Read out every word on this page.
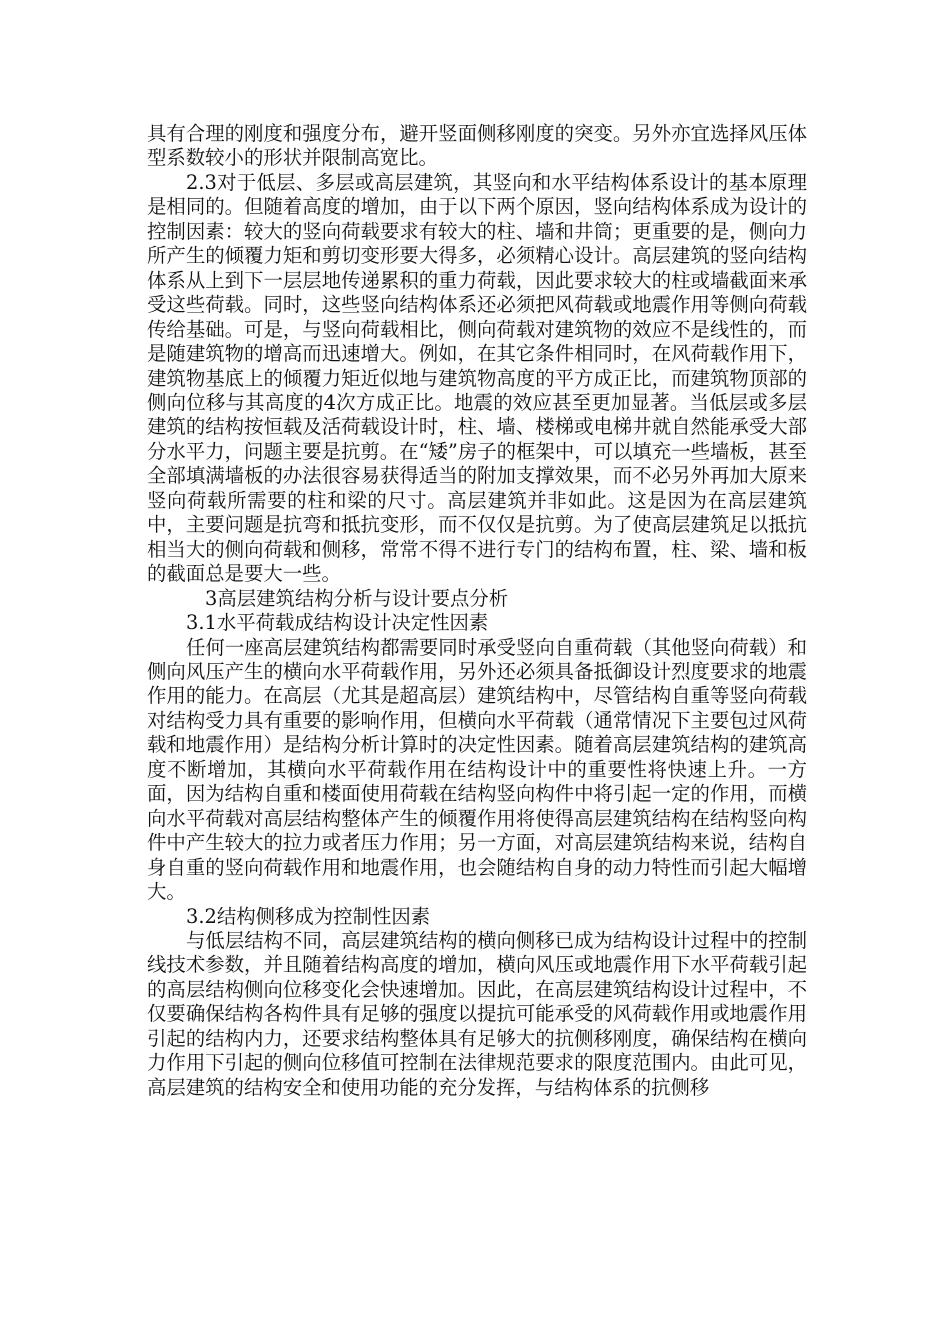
具有合理的刚度和强度分布，避开竖面侧移刚度的突变。另外亦宜选择风压体型系数较小的形状并限制高宽比。

2.3对于低层、多层或高层建筑，其竖向和水平结构体系设计的基本原理是相同的。但随着高度的增加，由于以下两个原因，竖向结构体系成为设计的控制因素：较大的竖向荷载要求有较大的柱、墙和井筒；更重要的是，侧向力所产生的倾覆力矩和剪切变形要大得多，必须精心设计。高层建筑的竖向结构体系从上到下一层层地传递累积的重力荷载，因此要求较大的柱或墙截面来承受这些荷载。同时，这些竖向结构体系还必须把风荷载或地震作用等侧向荷载传给基础。可是，与竖向荷载相比，侧向荷载对建筑物的效应不是线性的，而是随建筑物的增高而迅速增大。例如，在其它条件相同时，在风荷载作用下，建筑物基底上的倾覆力矩近似地与建筑物高度的平方成正比，而建筑物顶部的侧向位移与其高度的4次方成正比。地震的效应甚至更加显著。当低层或多层建筑的结构按恒载及活荷载设计时，柱、墙、楼梯或电梯井就自然能承受大部分水平力，问题主要是抗剪。在“矮”房子的框架中，可以填充一些墙板，甚至全部填满墙板的办法很容易获得适当的附加支撑效果，而不必另外再加大原来竖向荷载所需要的柱和梁的尺寸。高层建筑并非如此。这是因为在高层建筑中，主要问题是抗弯和抵抗变形，而不仅仅是抗剪。为了使高层建筑足以抵抗相当大的侧向荷载和侧移，常常不得不进行专门的结构布置，柱、梁、墙和板的截面总是要大一些。

3高层建筑结构分析与设计要点分析

3.1水平荷载成结构设计决定性因素

任何一座高层建筑结构都需要同时承受竖向自重荷载（其他竖向荷载）和侧向风压产生的横向水平荷载作用，另外还必须具备抵御设计烈度要求的地震作用的能力。在高层（尤其是超高层）建筑结构中，尽管结构自重等竖向荷载对结构受力具有重要的影响作用，但横向水平荷载（通常情况下主要包过风荷载和地震作用）是结构分析计算时的决定性因素。随着高层建筑结构的建筑高度不断增加，其横向水平荷载作用在结构设计中的重要性将快速上升。一方面，因为结构自重和楼面使用荷载在结构竖向构件中将引起一定的作用，而横向水平荷载对高层结构整体产生的倾覆作用将使得高层建筑结构在结构竖向构件中产生较大的拉力或者压力作用；另一方面，对高层建筑结构来说，结构自身自重的竖向荷载作用和地震作用，也会随结构自身的动力特性而引起大幅增大。

3.2结构侧移成为控制性因素

与低层结构不同，高层建筑结构的横向侧移已成为结构设计过程中的控制线技术参数，并且随着结构高度的增加，横向风压或地震作用下水平荷载引起的高层结构侧向位移变化会快速增加。因此，在高层建筑结构设计过程中，不仅要确保结构各构件具有足够的强度以提抗可能承受的风荷载作用或地震作用引起的结构内力，还要求结构整体具有足够大的抗侧移刚度，确保结构在横向力作用下引起的侧向位移值可控制在法律规范要求的限度范围内。由此可见，高层建筑的结构安全和使用功能的充分发挥，与结构体系的抗侧移
